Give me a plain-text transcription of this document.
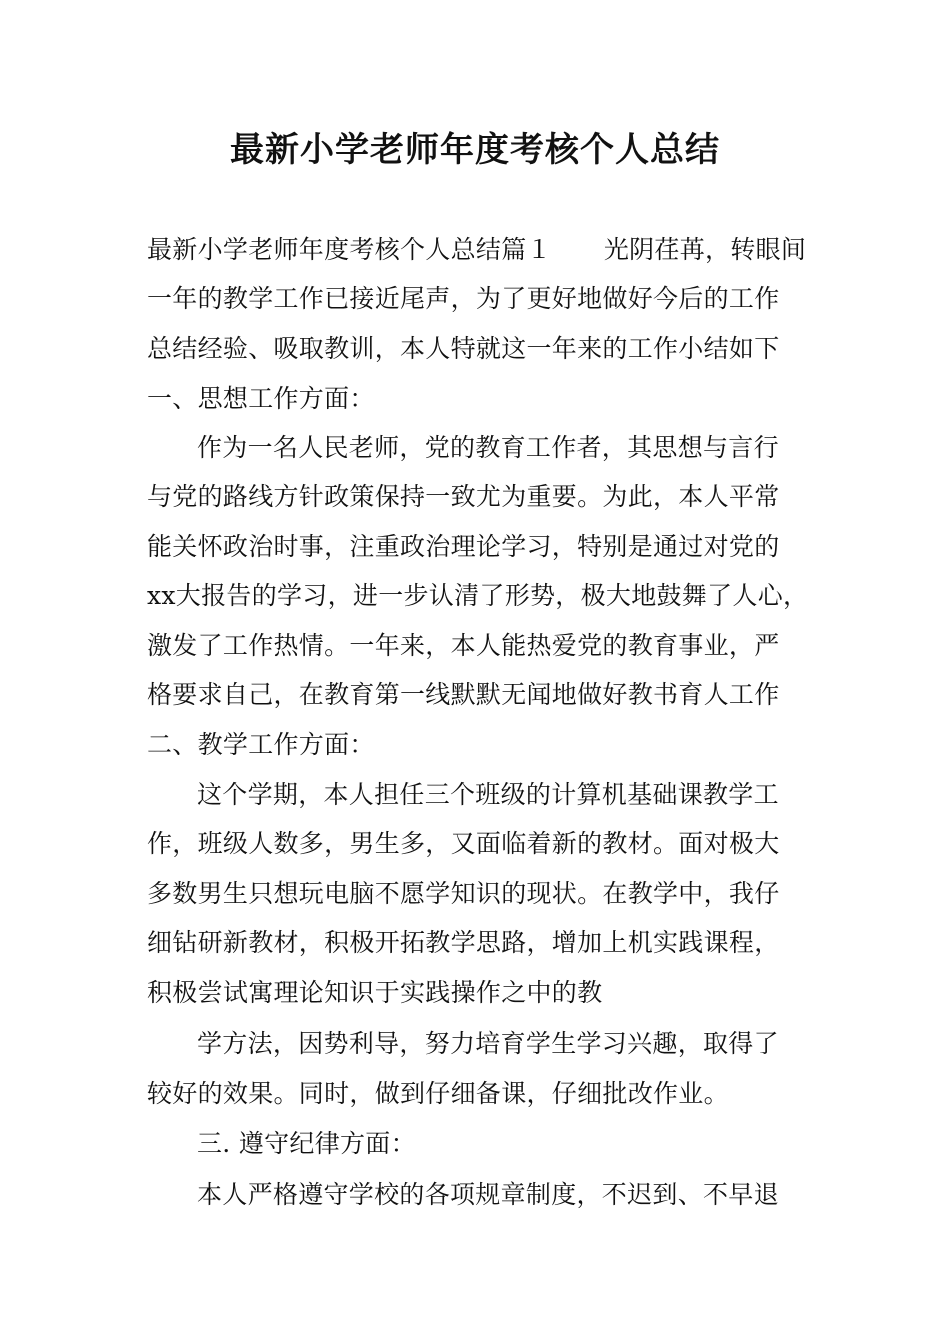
最新小学老师年度考核个人总结
最新小学老师年度考核个人总结篇１ 光阴荏苒，转眼间
一年的教学工作已接近尾声，为了更好地做好今后的工作
总结经验、吸取教训，本人特就这一年来的工作小结如下
一、思想工作方面：
作为一名人民老师，党的教育工作者，其思想与言行
与党的路线方针政策保持一致尤为重要。为此，本人平常
能关怀政治时事，注重政治理论学习，特别是通过对党的
xx大报告的学习，进一步认清了形势，极大地鼓舞了人心，
激发了工作热情。一年来，本人能热爱党的教育事业，严
格要求自己，在教育第一线默默无闻地做好教书育人工作
二、教学工作方面：
这个学期，本人担任三个班级的计算机基础课教学工
作，班级人数多，男生多，又面临着新的教材。面对极大
多数男生只想玩电脑不愿学知识的现状。在教学中，我仔
细钻研新教材，积极开拓教学思路，增加上机实践课程，
积极尝试寓理论知识于实践操作之中的教
学方法，因势利导，努力培育学生学习兴趣，取得了
较好的效果。同时，做到仔细备课，仔细批改作业。
三. 遵守纪律方面：
本人严格遵守学校的各项规章制度，不迟到、不早退
